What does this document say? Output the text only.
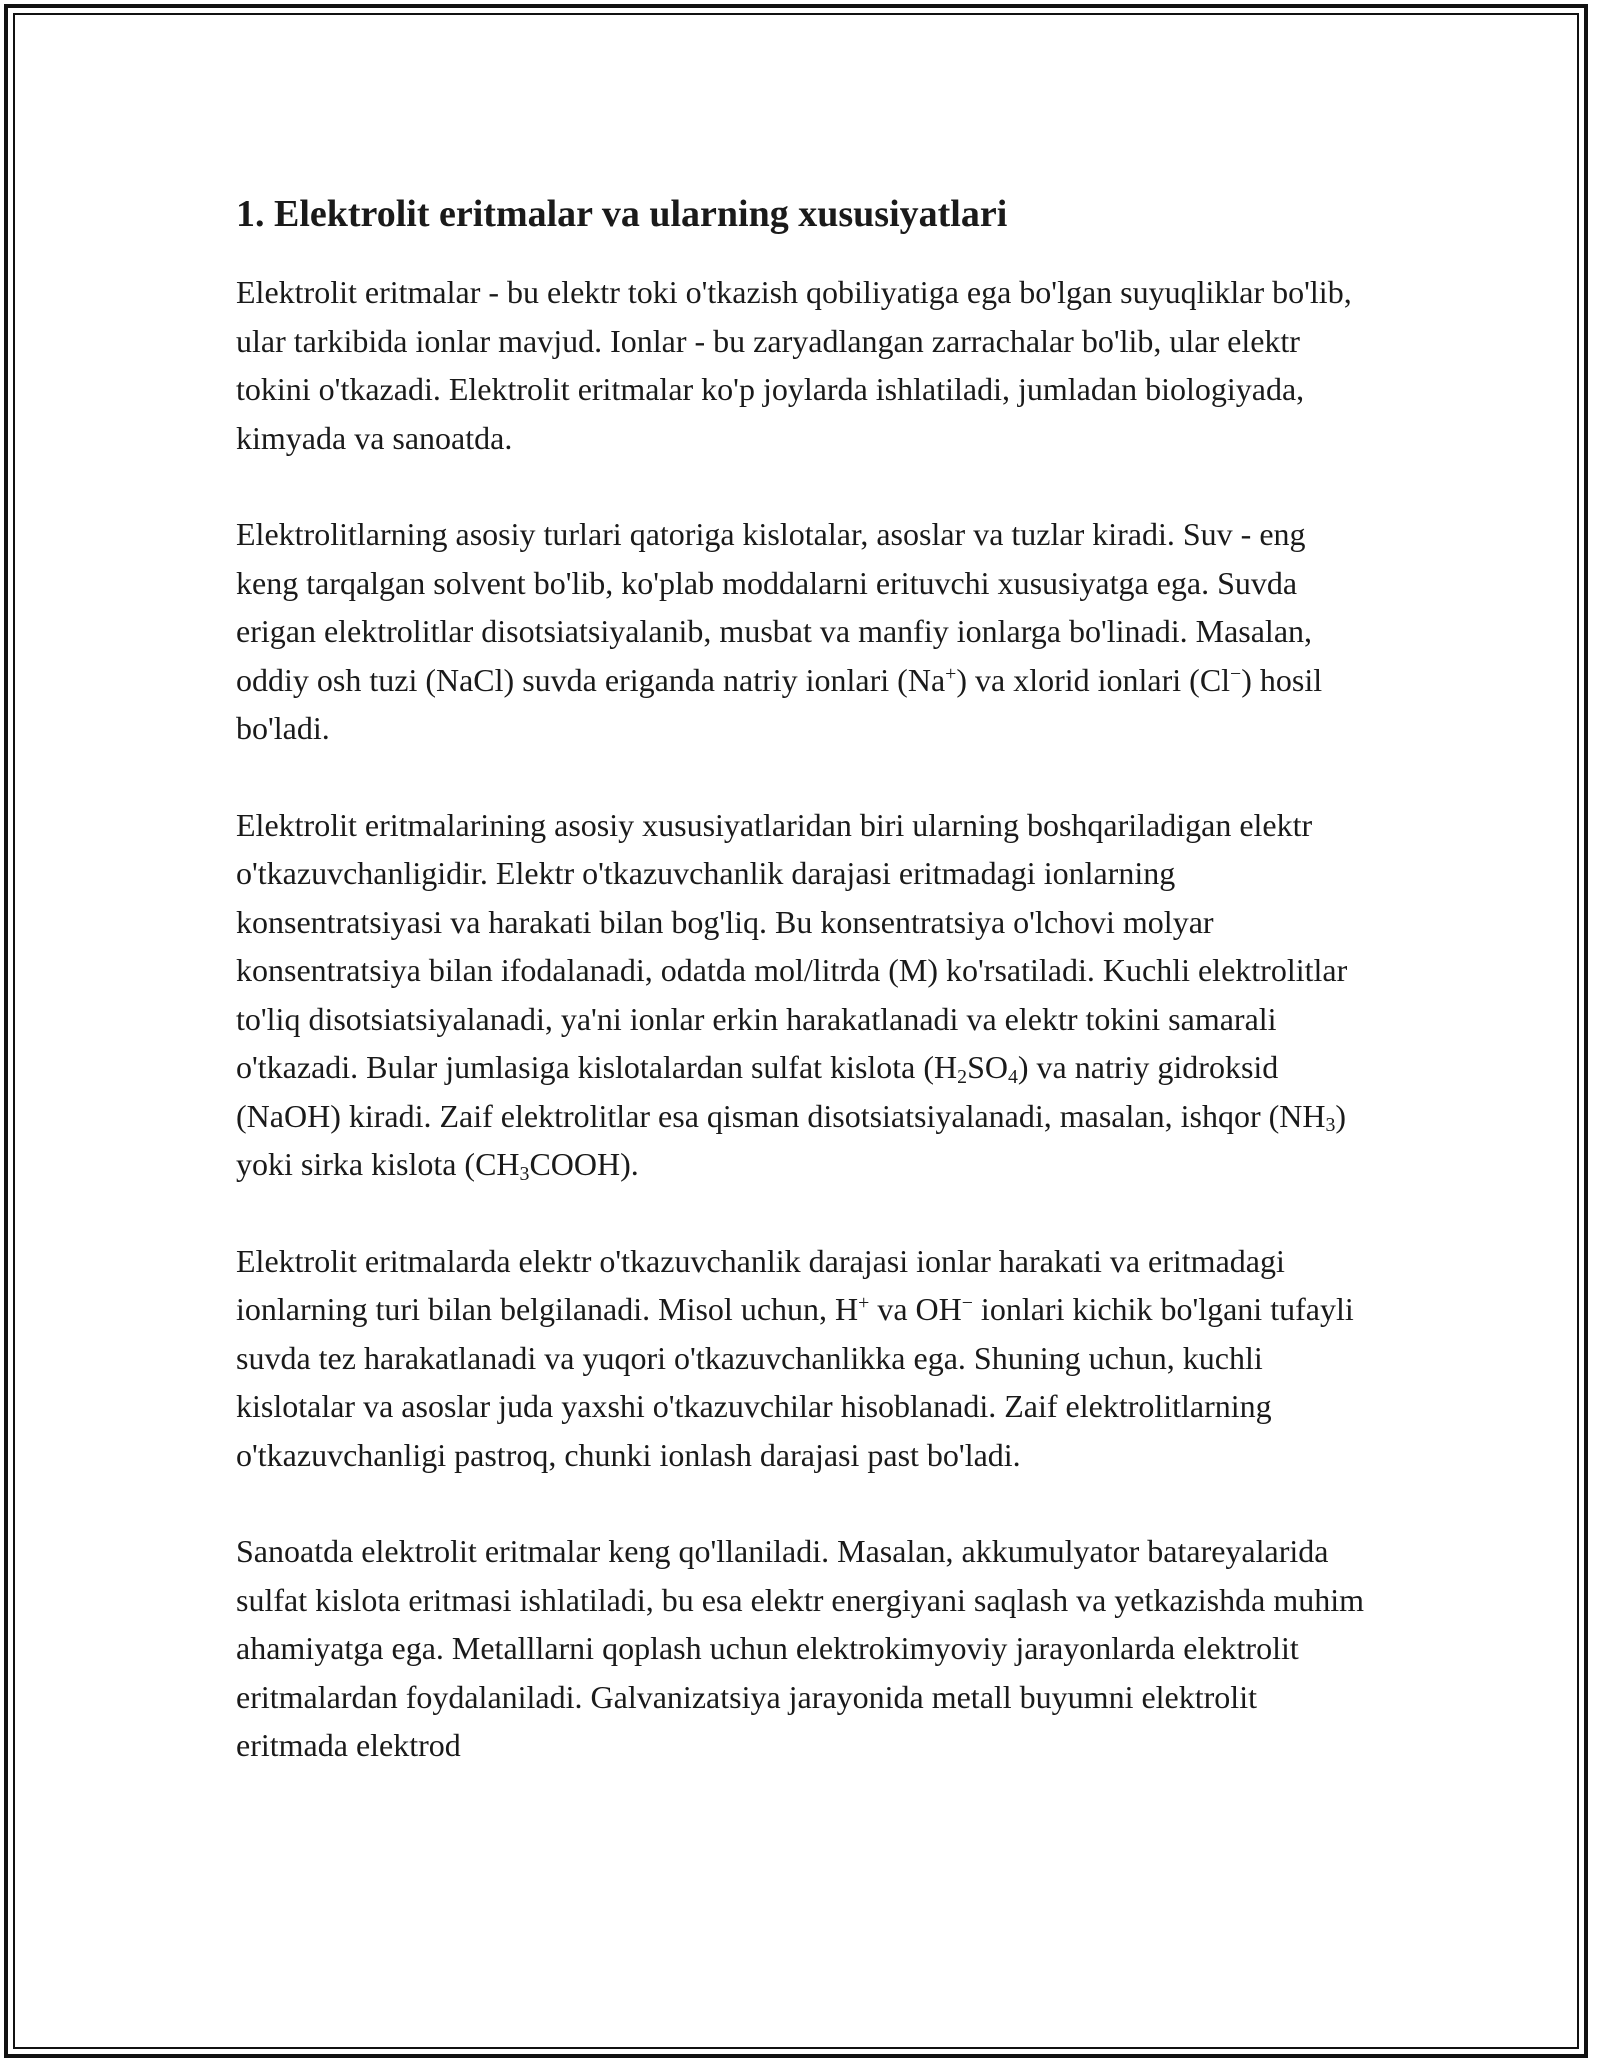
1. Elektrolit eritmalar va ularning xususiyatlari

Elektrolit eritmalar - bu elektr toki o'tkazish qobiliyatiga ega bo'lgan suyuqliklar bo'lib, ular tarkibida ionlar mavjud. Ionlar - bu zaryadlangan zarrachalar bo'lib, ular elektr tokini o'tkazadi. Elektrolit eritmalar ko'p joylarda ishlatiladi, jumladan biologiyada, kimyada va sanoatda.

Elektrolitlarning asosiy turlari qatoriga kislotalar, asoslar va tuzlar kiradi. Suv - eng keng tarqalgan solvent bo'lib, ko'plab moddalarni erituvchi xususiyatga ega. Suvda erigan elektrolitlar disotsiatsiyalanib, musbat va manfiy ionlarga bo'linadi. Masalan, oddiy osh tuzi (NaCl) suvda eriganda natriy ionlari (Na+) va xlorid ionlari (Cl−) hosil bo'ladi.

Elektrolit eritmalarining asosiy xususiyatlaridan biri ularning boshqariladigan elektr o'tkazuvchanligidir. Elektr o'tkazuvchanlik darajasi eritmadagi ionlarning konsentratsiyasi va harakati bilan bog'liq. Bu konsentratsiya o'lchovi molyar konsentratsiya bilan ifodalanadi, odatda mol/litrda (M) ko'rsatiladi. Kuchli elektrolitlar to'liq disotsiatsiyalanadi, ya'ni ionlar erkin harakatlanadi va elektr tokini samarali o'tkazadi. Bular jumlasiga kislotalardan sulfat kislota $(H_2SO_4)$ va natriy gidroksid (NaOH) kiradi. Zaif elektrolitlar esa qisman disotsiatsiyalanadi, masalan, ishqor $(NH_3)$ yoki sirka kislota $(CH_3COOH)$.

Elektrolit eritmalarda elektr o'tkazuvchanlik darajasi ionlar harakati va eritmadagi ionlarning turi bilan belgilanadi. Misol uchun, H+ va OH− ionlari kichik bo'lgani tufayli suvda tez harakatlanadi va yuqori o'tkazuvchanlikka ega. Shuning uchun, kuchli kislotalar va asoslar juda yaxshi o'tkazuvchilar hisoblanadi. Zaif elektrolitlarning o'tkazuvchanligi pastroq, chunki ionlash darajasi past bo'ladi.

Sanoatda elektrolit eritmalar keng qo'llaniladi. Masalan, akkumulyator batareyalarida sulfat kislota eritmasi ishlatiladi, bu esa elektr energiyani saqlash va yetkazishda muhim ahamiyatga ega. Metalllarni qoplash uchun elektrokimyoviy jarayonlarda elektrolit eritmalardan foydalaniladi. Galvanizatsiya jarayonida metall buyumni elektrolit eritmada elektrod
